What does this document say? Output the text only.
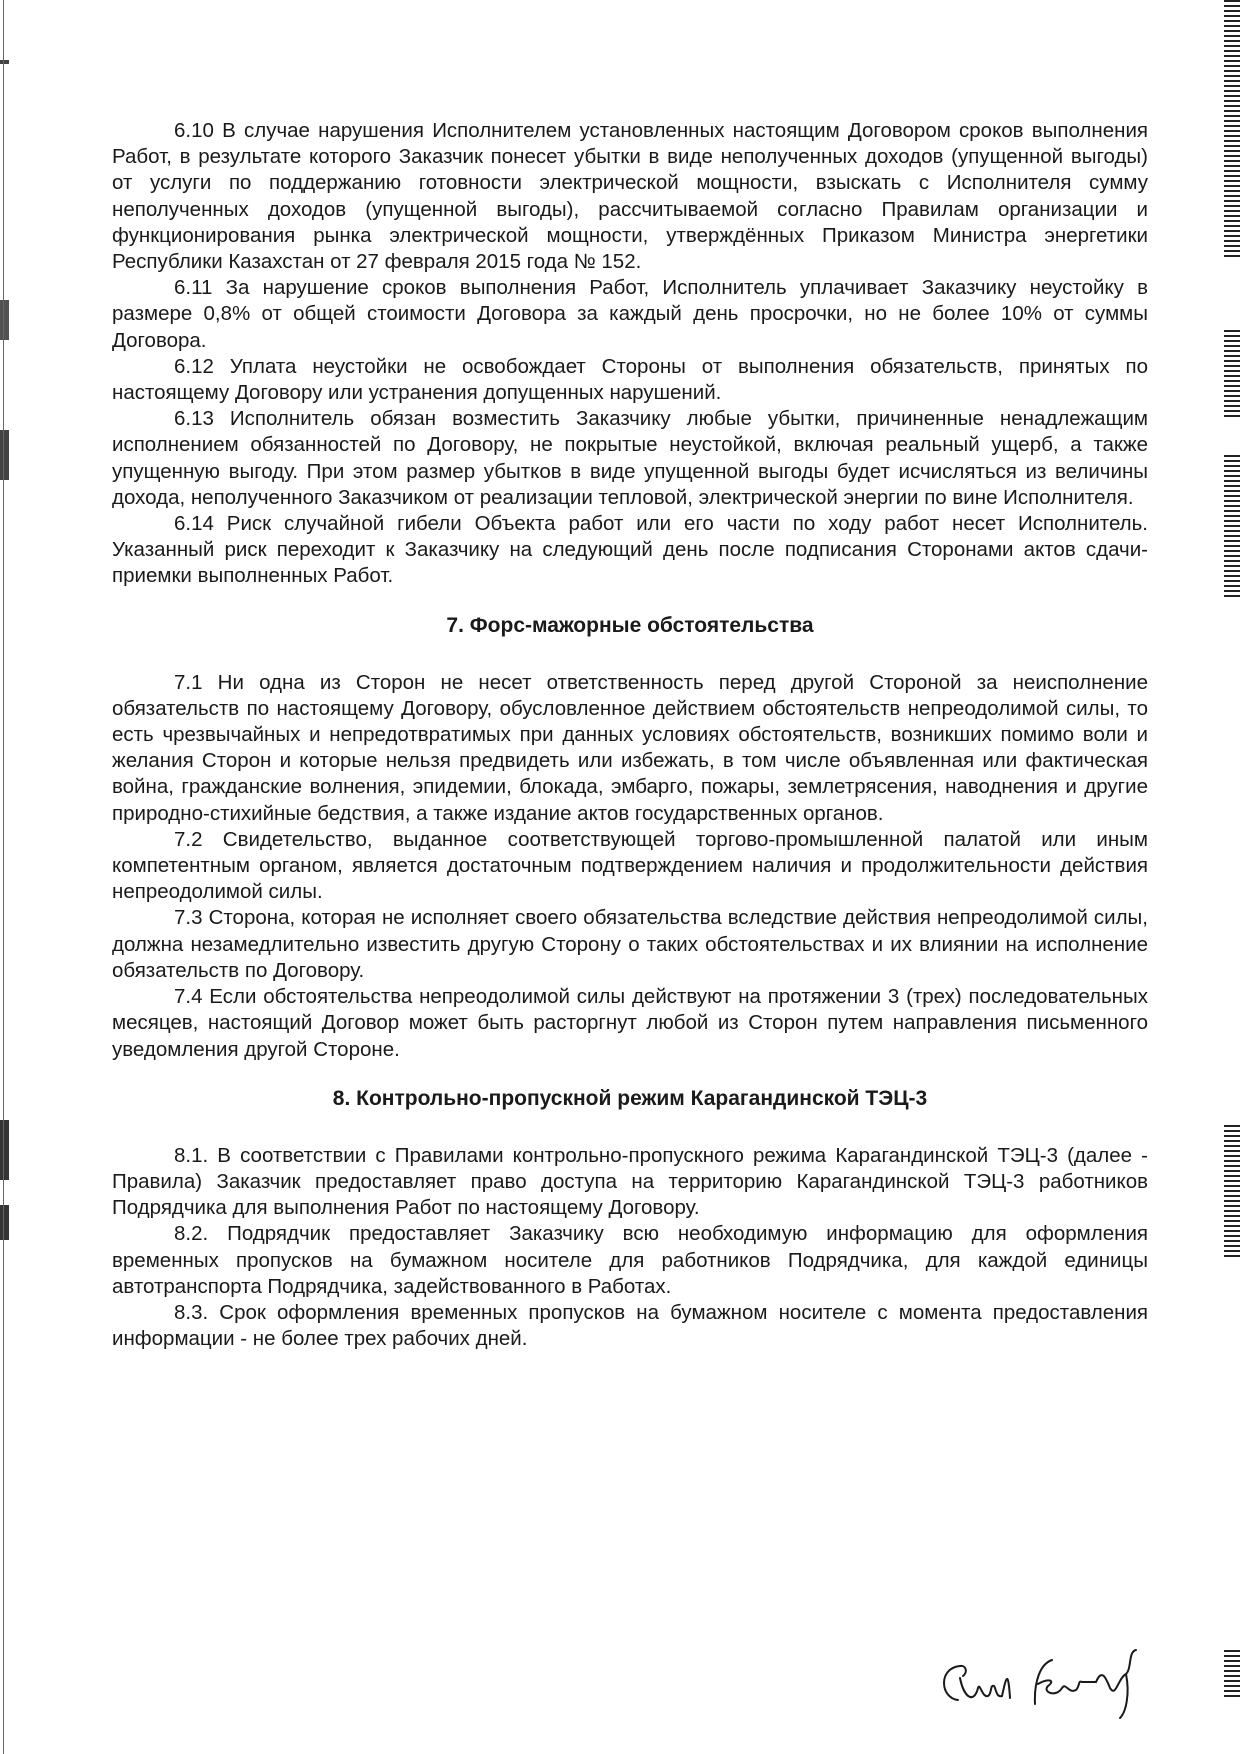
6.10 В случае нарушения Исполнителем установленных настоящим Договором сроков выполнения Работ, в результате которого Заказчик понесет убытки в виде неполученных доходов (упущенной выгоды) от услуги по поддержанию готовности электрической мощности, взыскать с Исполнителя сумму неполученных доходов (упущенной выгоды), рассчитываемой согласно Правилам организации и функционирования рынка электрической мощности, утверждённых Приказом Министра энергетики Республики Казахстан от 27 февраля 2015 года № 152.

6.11 За нарушение сроков выполнения Работ, Исполнитель уплачивает Заказчику неустойку в размере 0,8% от общей стоимости Договора за каждый день просрочки, но не более 10% от суммы Договора.

6.12 Уплата неустойки не освобождает Стороны от выполнения обязательств, принятых по настоящему Договору или устранения допущенных нарушений.

6.13 Исполнитель обязан возместить Заказчику любые убытки, причиненные ненадлежащим исполнением обязанностей по Договору, не покрытые неустойкой, включая реальный ущерб, а также упущенную выгоду. При этом размер убытков в виде упущенной выгоды будет исчисляться из величины дохода, неполученного Заказчиком от реализации тепловой, электрической энергии по вине Исполнителя.

6.14 Риск случайной гибели Объекта работ или его части по ходу работ несет Исполнитель. Указанный риск переходит к Заказчику на следующий день после подписания Сторонами актов сдачи-приемки выполненных Работ.

7. Форс-мажорные обстоятельства

7.1 Ни одна из Сторон не несет ответственность перед другой Стороной за неисполнение обязательств по настоящему Договору, обусловленное действием обстоятельств непреодолимой силы, то есть чрезвычайных и непредотвратимых при данных условиях обстоятельств, возникших помимо воли и желания Сторон и которые нельзя предвидеть или избежать, в том числе объявленная или фактическая война, гражданские волнения, эпидемии, блокада, эмбарго, пожары, землетрясения, наводнения и другие природно-стихийные бедствия, а также издание актов государственных органов.

7.2 Свидетельство, выданное соответствующей торгово-промышленной палатой или иным компетентным органом, является достаточным подтверждением наличия и продолжительности действия непреодолимой силы.

7.3 Сторона, которая не исполняет своего обязательства вследствие действия непреодолимой силы, должна незамедлительно известить другую Сторону о таких обстоятельствах и их влиянии на исполнение обязательств по Договору.

7.4 Если обстоятельства непреодолимой силы действуют на протяжении 3 (трех) последовательных месяцев, настоящий Договор может быть расторгнут любой из Сторон путем направления письменного уведомления другой Стороне.

8. Контрольно-пропускной режим Карагандинской ТЭЦ-3

8.1. В соответствии с Правилами контрольно-пропускного режима Карагандинской ТЭЦ-3 (далее - Правила) Заказчик предоставляет право доступа на территорию Карагандинской ТЭЦ-3 работников Подрядчика для выполнения Работ по настоящему Договору.

8.2. Подрядчик предоставляет Заказчику всю необходимую информацию для оформления временных пропусков на бумажном носителе для работников Подрядчика, для каждой единицы автотранспорта Подрядчика, задействованного в Работах.

8.3. Срок оформления временных пропусков на бумажном носителе с момента предоставления информации - не более трех рабочих дней.
